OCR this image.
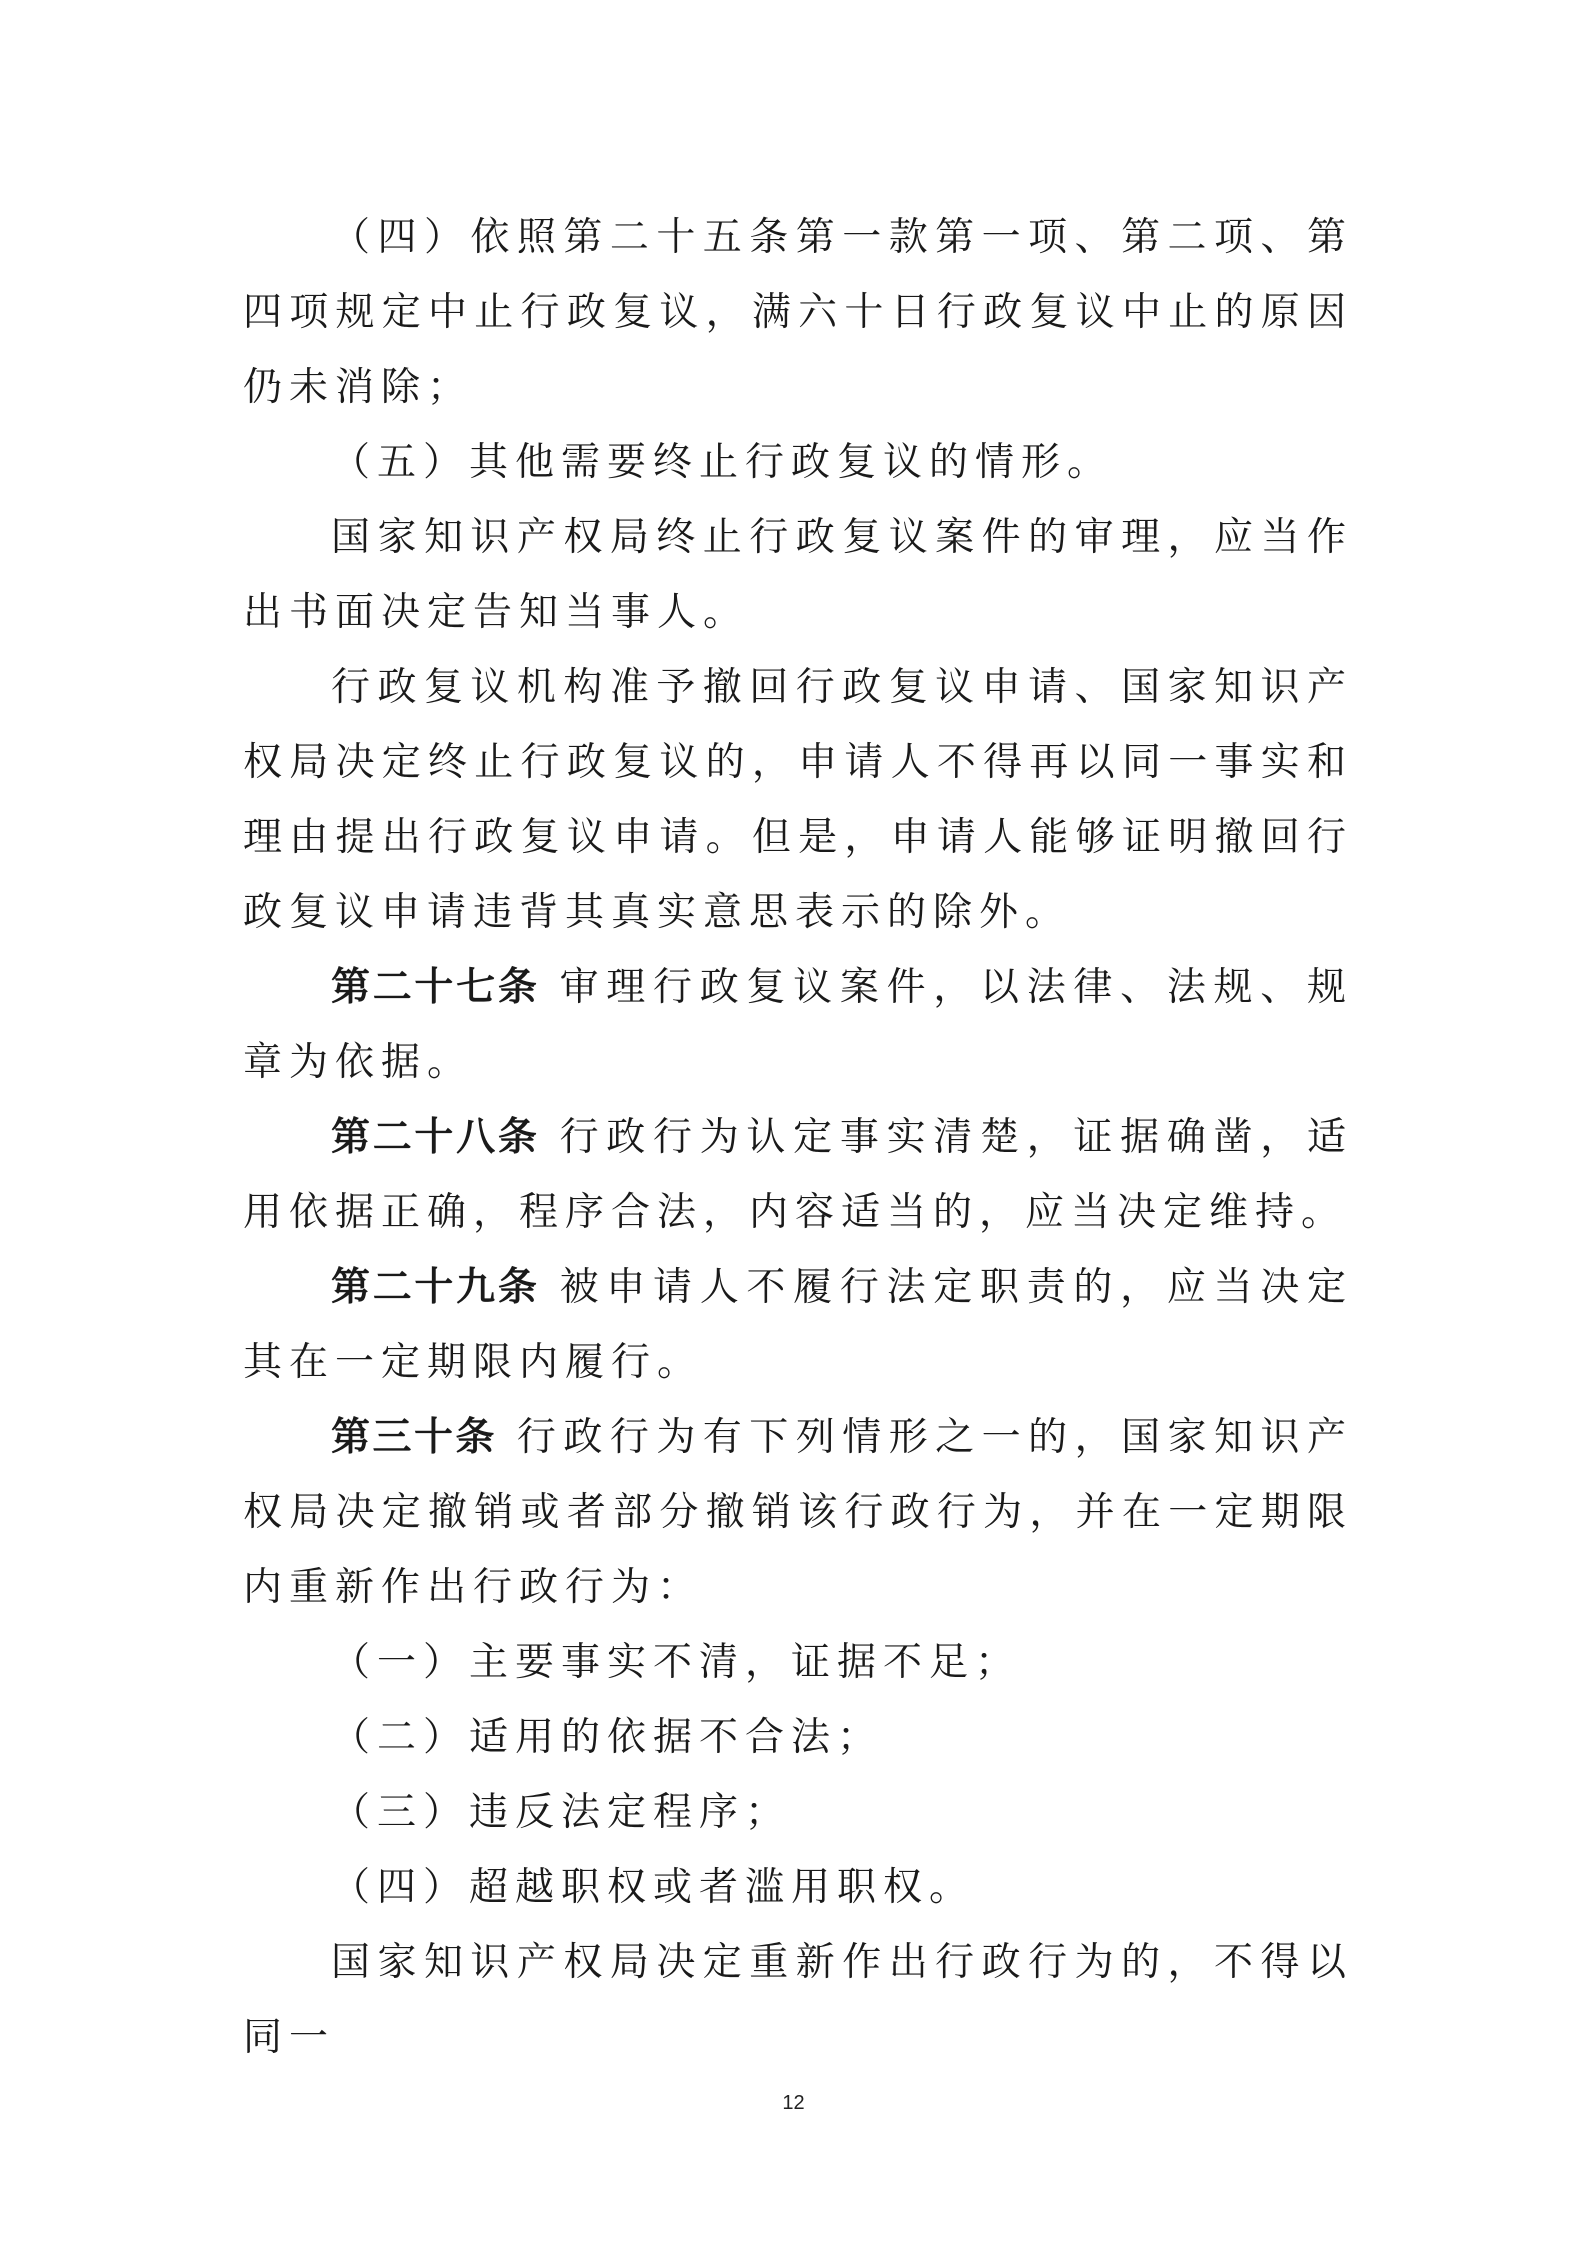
（四）依照第二十五条第一款第一项、第二项、第四项规定中止行政复议，满六十日行政复议中止的原因仍未消除；

（五）其他需要终止行政复议的情形。

国家知识产权局终止行政复议案件的审理，应当作出书面决定告知当事人。

行政复议机构准予撤回行政复议申请、国家知识产权局决定终止行政复议的，申请人不得再以同一事实和理由提出行政复议申请。但是，申请人能够证明撤回行政复议申请违背其真实意思表示的除外。

第二十七条 审理行政复议案件，以法律、法规、规章为依据。

第二十八条 行政行为认定事实清楚，证据确凿，适用依据正确，程序合法，内容适当的，应当决定维持。

第二十九条 被申请人不履行法定职责的，应当决定其在一定期限内履行。

第三十条 行政行为有下列情形之一的，国家知识产权局决定撤销或者部分撤销该行政行为，并在一定期限内重新作出行政行为：

（一）主要事实不清，证据不足；

（二）适用的依据不合法；

（三）违反法定程序；

（四）超越职权或者滥用职权。

国家知识产权局决定重新作出行政行为的，不得以同一

12
